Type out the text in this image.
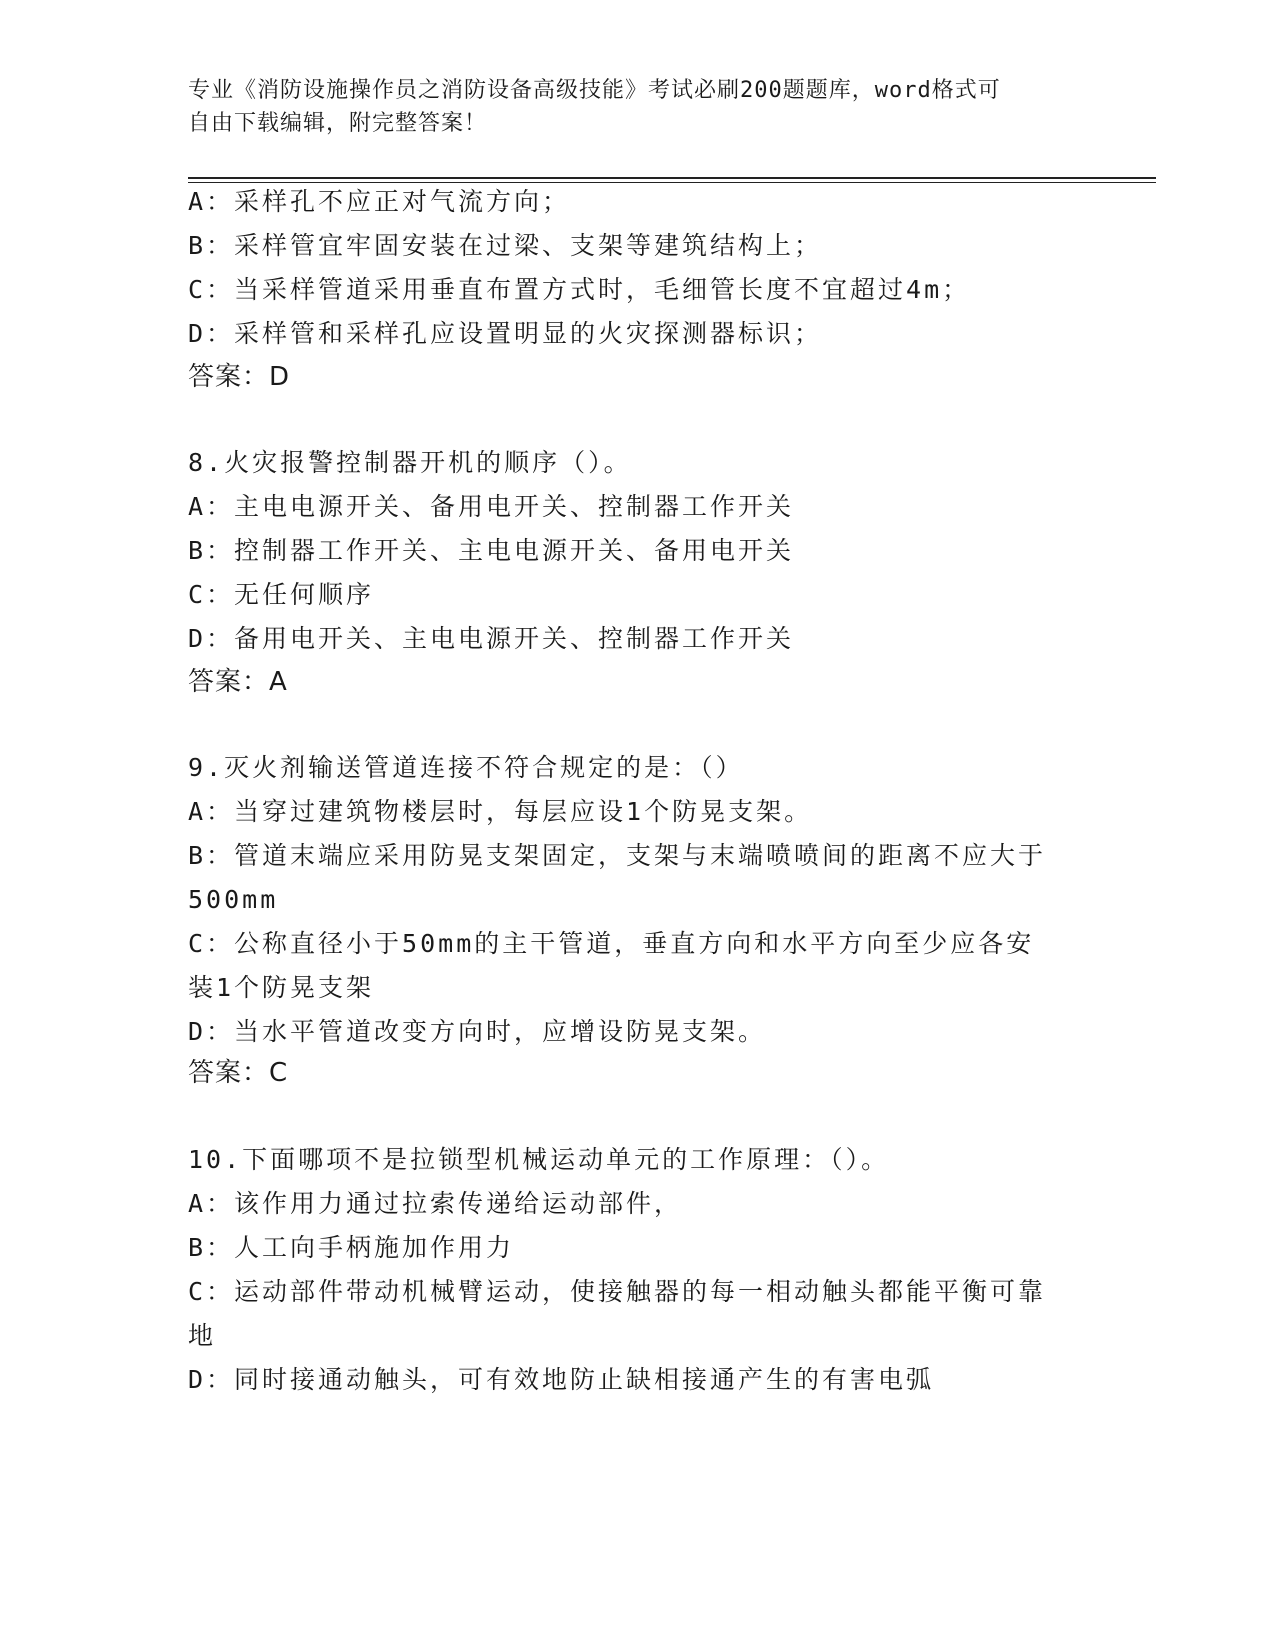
专业《消防设施操作员之消防设备高级技能》考试必刷200题题库，word格式可
自由下载编辑，附完整答案！
A：采样孔不应正对气流方向；
B：采样管宜牢固安装在过梁、支架等建筑结构上；
C：当采样管道采用垂直布置方式时，毛细管长度不宜超过4m；
D：采样管和采样孔应设置明显的火灾探测器标识；
答案：D
8.火灾报警控制器开机的顺序（）。
A：主电电源开关、备用电开关、控制器工作开关
B：控制器工作开关、主电电源开关、备用电开关
C：无任何顺序
D：备用电开关、主电电源开关、控制器工作开关
答案：A
9.灭火剂输送管道连接不符合规定的是：（）
A：当穿过建筑物楼层时，每层应设1个防晃支架。
B：管道末端应采用防晃支架固定，支架与末端喷喷间的距离不应大于
500mm
C：公称直径小于50mm的主干管道，垂直方向和水平方向至少应各安
装1个防晃支架
D：当水平管道改变方向时，应增设防晃支架。
答案：C
10.下面哪项不是拉锁型机械运动单元的工作原理：（）。
A：该作用力通过拉索传递给运动部件，
B：人工向手柄施加作用力
C：运动部件带动机械臂运动，使接触器的每一相动触头都能平衡可靠
地
D：同时接通动触头，可有效地防止缺相接通产生的有害电弧
